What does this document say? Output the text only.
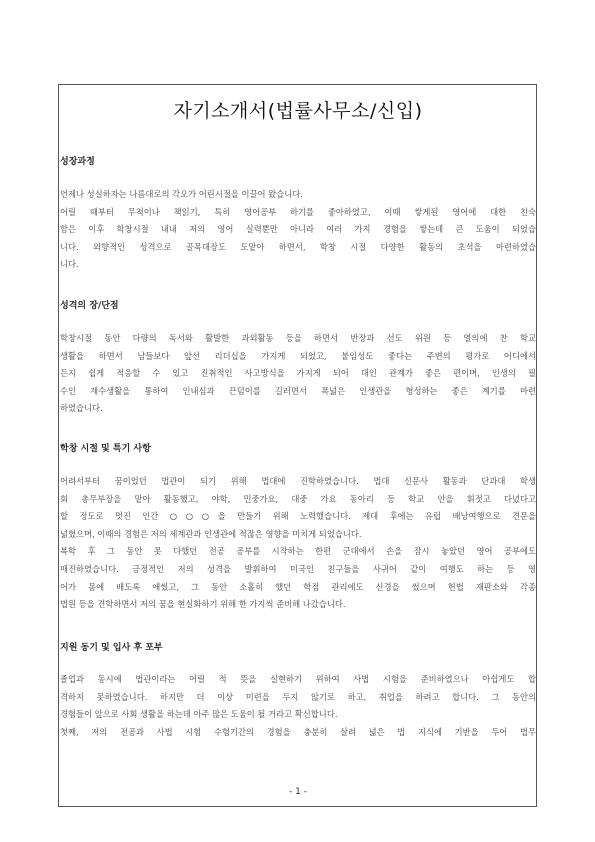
자기소개서(법률사무소/신입)
성장과정
언제나 성실하자는 나름대로의 각오가 어린시절을 이끌어 왔습니다.
어릴 때부터 무척이나 책읽기, 특히 영어공부 하기를 좋아하였고, 이때 쌓게된 영어에 대한 친숙
함은 이후 학창시절 내내 저의 영어 실력뿐만 아니라 여러 가지 경험을 쌓는데 큰 도움이 되었습
니다. 외향적인 성격으로 골목대장도 도맡아 하면서, 학창 시절 다양한 활동의 초석을 마련하였습
니다.
성격의 장/단점
학창시절 동안 다량의 독서와 활발한 과외활동 등을 하면서 반장과 선도 위원 등 열의에 찬 학교
생활을 하면서 남들보다 앞선 리더십을 가지게 되었고, 붙임성도 좋다는 주변의 평가로 어디에서
든지 쉽게 적응할 수 있고 진취적인 사고방식을 가지게 되어 대인 관계가 좋은 편이며, 인생의 필
수인 재수생활을 통하여 인내심과 끈덤이를 길러면서 폭넓은 인생관을 형성하는 좋은 계기를 마련
하였습니다.
학창 시절 및 특기 사항
어려서부터 꿈이었던 법관이 되기 위해 법대에 진학하였습니다. 법대 신문사 활동과 단과대 학생
회 총무부장을 맡아 활동했고, 야학, 민중가요, 대중 가요 동아리 등 학교 안을 휘젓고 다녔다고
할 정도로 멋진 인간 ○○○을 만들기 위해 노력했습니다. 제대 후에는 유럽 배낭여행으로 견문을
넓혔으며, 이때의 경험은 저의 세계관과 인생관에 적잖은 영향을 미치게 되었습니다.
복학 후 그 동안 못 다했던 전공 공부를 시작하는 한편 군대에서 손을 잠시 놓았던 영어 공부에도
매진하였습니다. 긍정적인 저의 성격을 발휘하여 미국인 친구들을 사귀어 같이 여행도 하는 등 영
어가 몸에 배도록 애썼고, 그 동안 소홀히 했던 학점 관리에도 신경을 썼으며 헌법 재판소와 각종
법원 등을 견학하면서 저의 꿈을 현실화하기 위해 한 가지씩 준비해 나갔습니다.
지원 동기 및 입사 후 포부
졸업과 동시에 법관이라는 어릴 적 뜻을 실현하기 위하여 사법 시험을 준비하였으나 아쉽게도 합
격하지 못하였습니다. 하지만 더 이상 미련을 두지 않기로 하고, 취업을 하려고 합니다. 그 동안의
경험들이 앞으로 사회 생활을 하는데 아주 많은 도움이 될 거라고 확신합니다.
첫째, 저의 전공과 사법 시험 수험기간의 경험을 충분히 살려 넓은 법 지식에 기반을 두어 법무
- 1 -
